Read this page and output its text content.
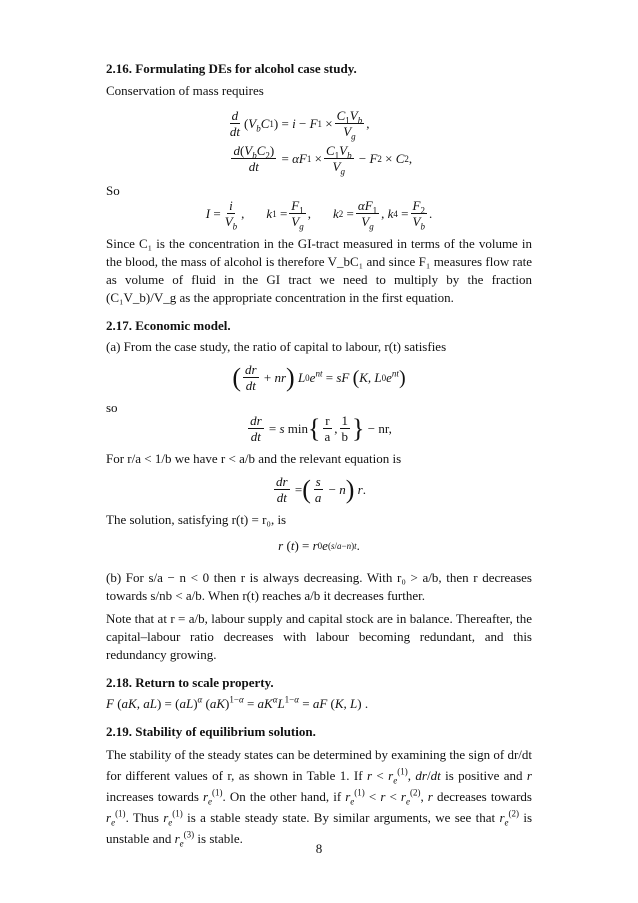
2.16. Formulating DEs for alcohol case study.

Conservation of mass requires

$\frac{d}{dt}$ ( $V_bC$ 1 ) = i − F $1 \times \frac{C_1V_b}{V_g}$ ,
$\frac{d(V_bC_2)}{dt} = \alpha F$ $1 \times \frac{C_1V_b}{V_g} - F$ 2 × C 2 ,

So

$I = \frac{i}{V_b}$ , k $1 = \frac{F_1}{V_g}$ , k $2 = \frac{\alpha F_1}{V_g}$ , k $4 = \frac{F_2}{V_b}$ .

Since C₁ is the concentration in the GI-tract measured in terms of the volume in the blood, the mass of alcohol is therefore V_bC₁ and since F₁ measures flow rate as volume of fluid in the GI tract we need to multiply by the fraction (C₁V_b)/V_g as the appropriate concentration in the first equation.

2.17. Economic model.

(a) From the case study, the ratio of capital to labour, r(t) satisfies

( $\frac{dr}{dt}$ + nr )
L 0 $e^{nt}$ = sF
( K, L 0 $e^{nt}$ )

so

$\frac{dr}{dt} = s$ min { $\frac{r}{a}$ , $\frac{1}{b}$ } − nr,

For r/a < 1/b we have r < a/b and the relevant equation is

$\frac{dr}{dt}$ = ( $\frac{s}{a} - n$ )
r .

The solution, satisfying r(t) = r₀, is

r ( t ) = r 0 e (s/a−n)t .

(b) For s/a − n < 0 then r is always decreasing. With r₀ > a/b, then r decreases towards s/nb < a/b. When r(t) reaches a/b it decreases further.

Note that at r = a/b, labour supply and capital stock are in balance. Thereafter, the capital–labour ratio decreases with labour becoming redundant, and this redundancy growing.

2.18. Return to scale property.

F (aK, aL) = (aL)$^\alpha$ $(aK)^{1-\alpha} = aK^\alpha L^{1-\alpha}$ = aF (K, L) .

2.19. Stability of equilibrium solution.

The stability of the steady states can be determined by examining the sign of dr/dt for different values of r, as shown in Table 1. If $r < r_e^{(1)}$, dr/dt is positive and r increases towards $r_e^{(1)}$. On the other hand, if $r_e^{(1)} < r < r_e^{(2)}$, r decreases towards $r_e^{(1)}$. Thus $r_e^{(1)}$ is a stable steady state. By similar arguments, we see that $r_e^{(2)}$ is unstable and $r_e^{(3)}$ is stable.

8
